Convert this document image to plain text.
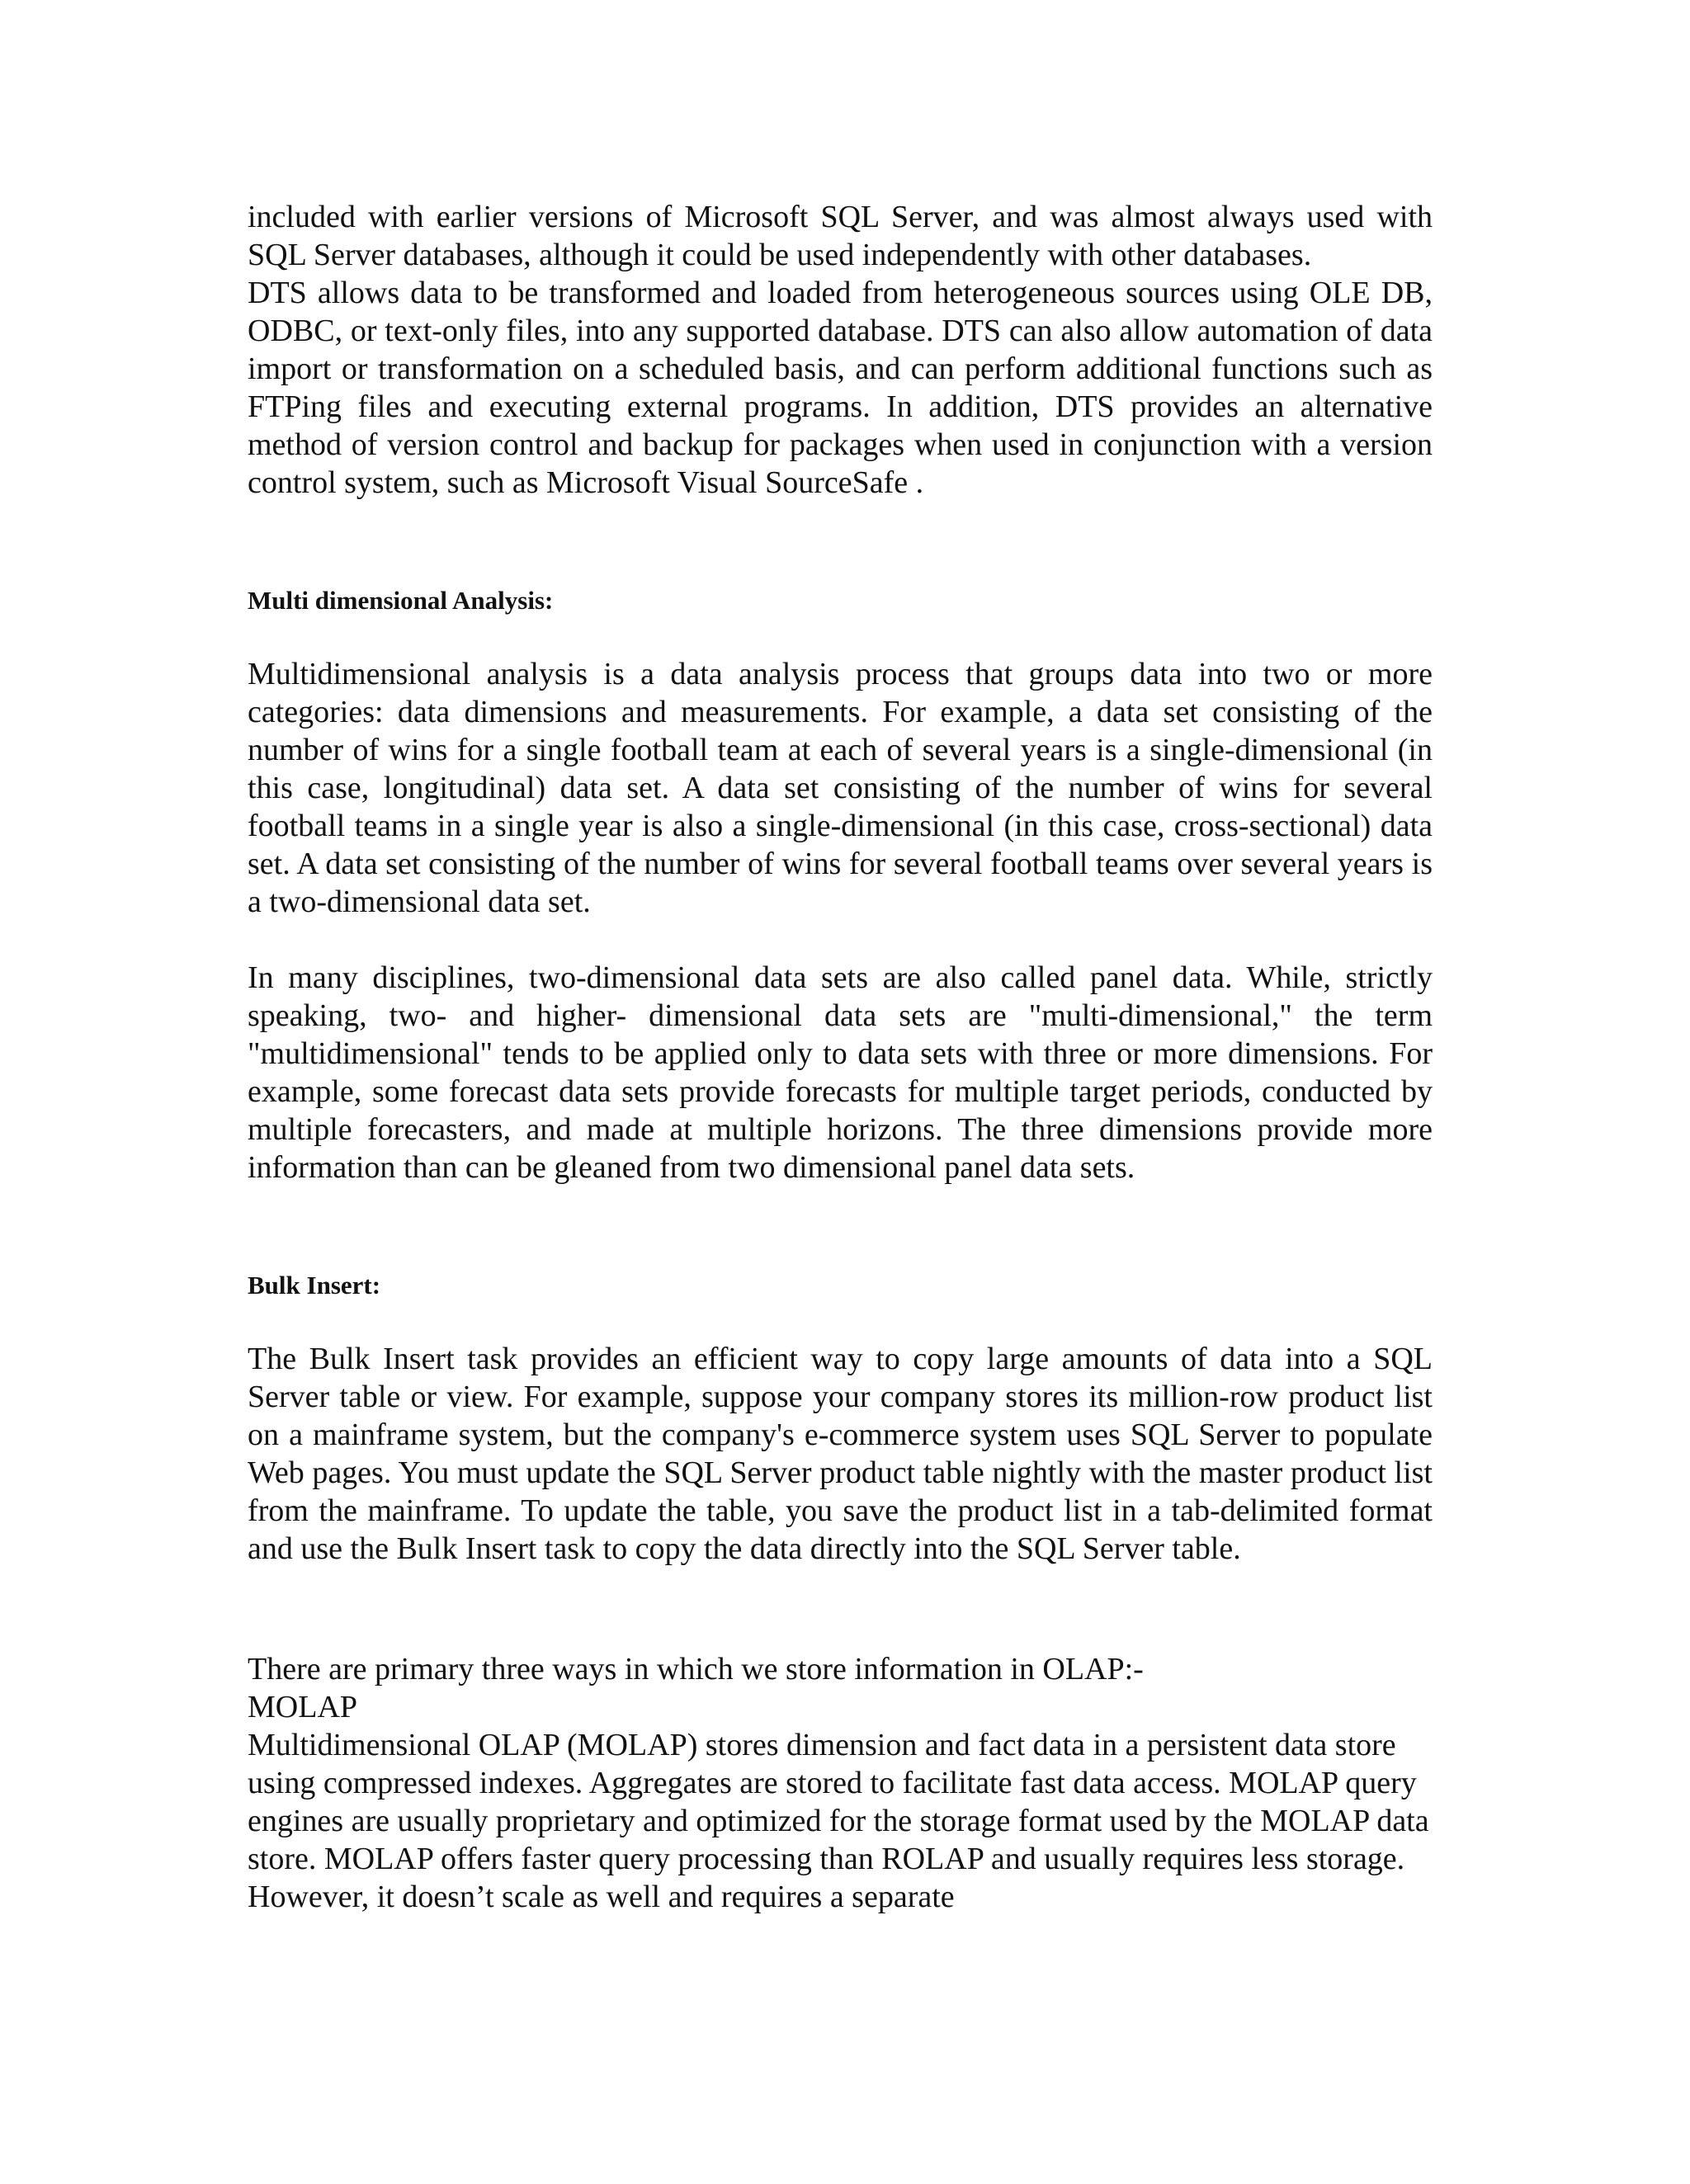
included with earlier versions of Microsoft SQL Server, and was almost always used with SQL Server databases, although it could be used independently with other databases.

DTS allows data to be transformed and loaded from heterogeneous sources using OLE DB, ODBC, or text-only files, into any supported database. DTS can also allow automation of data import or transformation on a scheduled basis, and can perform additional functions such as FTPing files and executing external programs. In addition, DTS provides an alternative method of version control and backup for packages when used in conjunction with a version control system, such as Microsoft Visual SourceSafe .

Multi dimensional Analysis:

Multidimensional analysis is a data analysis process that groups data into two or more categories: data dimensions and measurements. For example, a data set consisting of the number of wins for a single football team at each of several years is a single-dimensional (in this case, longitudinal) data set. A data set consisting of the number of wins for several football teams in a single year is also a single-dimensional (in this case, cross-sectional) data set. A data set consisting of the number of wins for several football teams over several years is a two-dimensional data set.

In many disciplines, two-dimensional data sets are also called panel data. While, strictly speaking, two- and higher- dimensional data sets are "multi-dimensional," the term "multidimensional" tends to be applied only to data sets with three or more dimensions. For example, some forecast data sets provide forecasts for multiple target periods, conducted by multiple forecasters, and made at multiple horizons. The three dimensions provide more information than can be gleaned from two dimensional panel data sets.

Bulk Insert:

The Bulk Insert task provides an efficient way to copy large amounts of data into a SQL Server table or view. For example, suppose your company stores its million-row product list on a mainframe system, but the company's e-commerce system uses SQL Server to populate Web pages. You must update the SQL Server product table nightly with the master product list from the mainframe. To update the table, you save the product list in a tab-delimited format and use the Bulk Insert task to copy the data directly into the SQL Server table.

There are primary three ways in which we store information in OLAP:-

MOLAP

Multidimensional OLAP (MOLAP) stores dimension and fact data in a persistent data store using compressed indexes. Aggregates are stored to facilitate fast data access. MOLAP query engines are usually proprietary and optimized for the storage format used by the MOLAP data store. MOLAP offers faster query processing than ROLAP and usually requires less storage. However, it doesn’t scale as well and requires a separate
